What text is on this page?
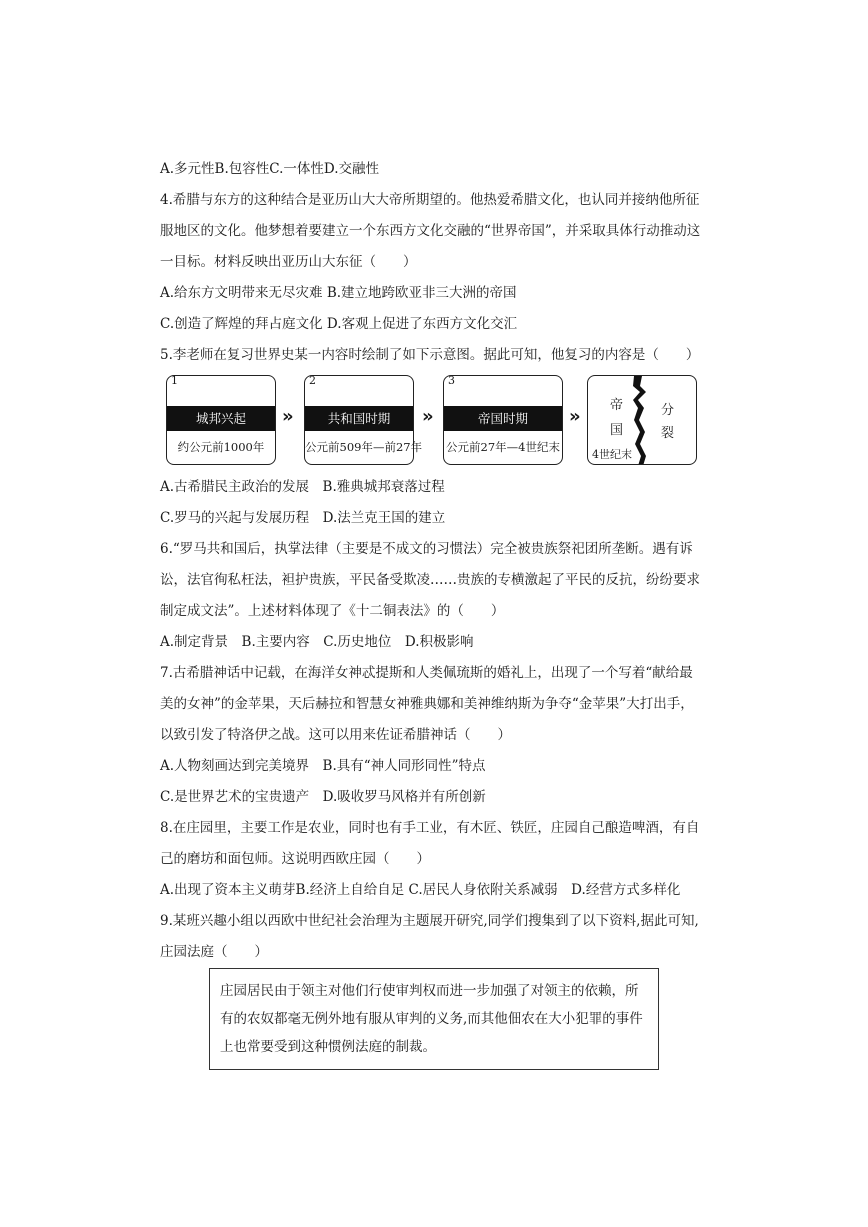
A.多元性B.包容性C.一体性D.交融性
4.希腊与东方的这种结合是亚历山大大帝所期望的。他热爱希腊文化，也认同并接纳他所征
服地区的文化。他梦想着要建立一个东西方文化交融的“世界帝国”，并采取具体行动推动这
一目标。材料反映出亚历山大东征（　　）
A.给东方文明带来无尽灾难 B.建立地跨欧亚非三大洲的帝国
C.创造了辉煌的拜占庭文化 D.客观上促进了东西方文化交汇
5.李老师在复习世界史某一内容时绘制了如下示意图。据此可知，他复习的内容是（　　）
1
城邦兴起
约公元前1000年
»
2
共和国时期
公元前509年—前27年
»
3
帝国时期
公元前27年—4世纪末
»
帝
国
分
裂
4世纪末
A.古希腊民主政治的发展　B.雅典城邦衰落过程
C.罗马的兴起与发展历程　D.法兰克王国的建立
6.“罗马共和国后，执掌法律（主要是不成文的习惯法）完全被贵族祭祀团所垄断。遇有诉
讼，法官徇私枉法，袒护贵族，平民备受欺凌……贵族的专横激起了平民的反抗，纷纷要求
制定成文法”。上述材料体现了《十二铜表法》的（　　）
A.制定背景　B.主要内容　C.历史地位　D.积极影响
7.古希腊神话中记载，在海洋女神忒提斯和人类佩琉斯的婚礼上，出现了一个写着“献给最
美的女神”的金苹果，天后赫拉和智慧女神雅典娜和美神维纳斯为争夺“金苹果”大打出手，
以致引发了特洛伊之战。这可以用来佐证希腊神话（　　）
A.人物刻画达到完美境界　B.具有“神人同形同性”特点
C.是世界艺术的宝贵遗产　D.吸收罗马风格并有所创新
8.在庄园里，主要工作是农业，同时也有手工业，有木匠、铁匠，庄园自己酿造啤酒，有自
己的磨坊和面包师。这说明西欧庄园（　　）
A.出现了资本主义萌芽B.经济上自给自足 C.居民人身依附关系减弱　D.经营方式多样化
9.某班兴趣小组以西欧中世纪社会治理为主题展开研究,同学们搜集到了以下资料,据此可知,
庄园法庭（　　）
庄园居民由于领主对他们行使审判权而进一步加强了对领主的依赖，所有的农奴都毫无例外地有服从审判的义务,而其他佃农在大小犯罪的事件上也常要受到这种惯例法庭的制裁。
